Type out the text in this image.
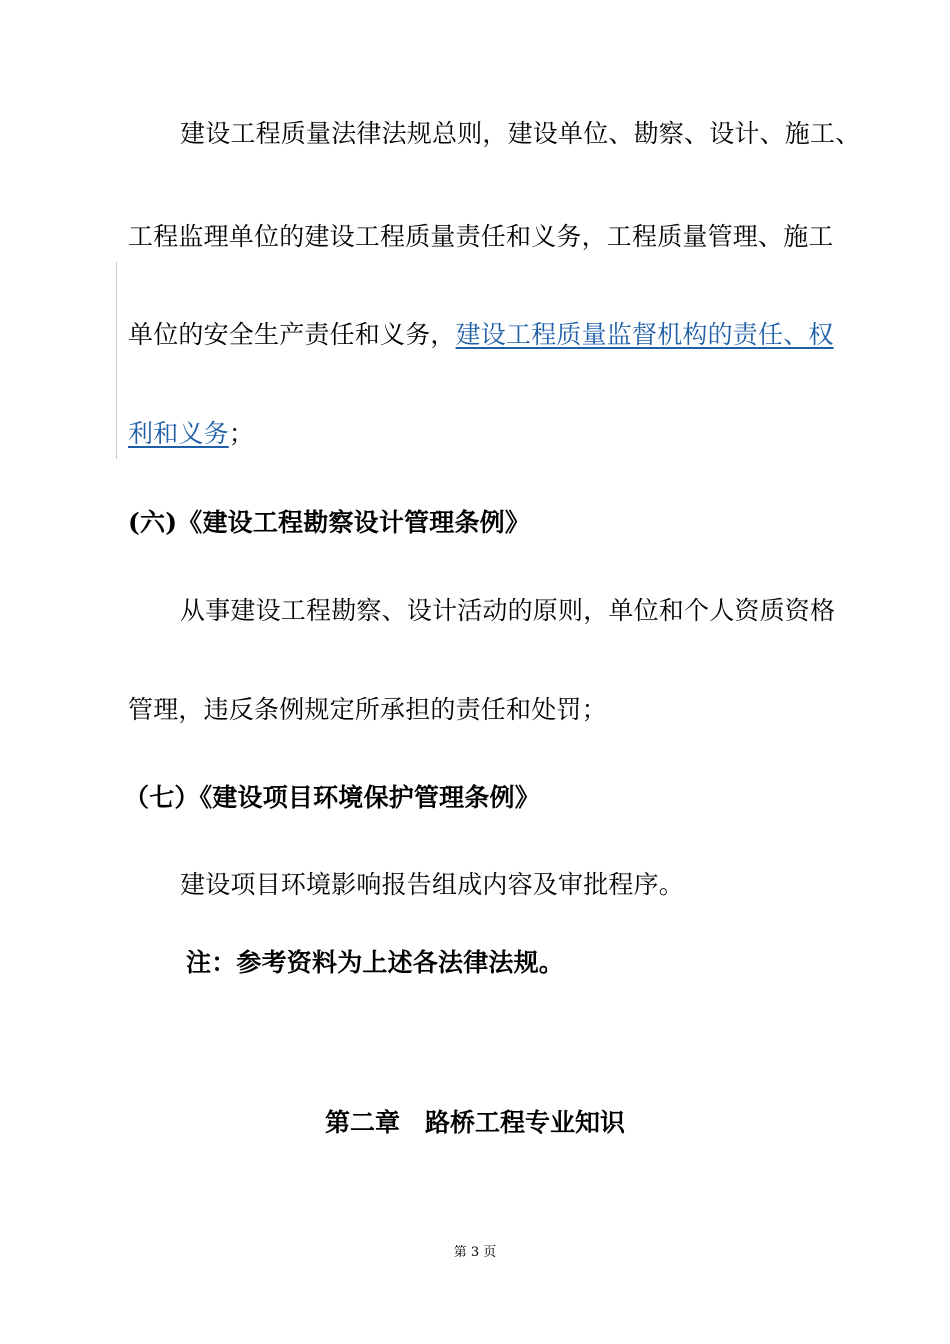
建设工程质量法律法规总则，建设单位、勘察、设计、施工、
工程监理单位的建设工程质量责任和义务，工程质量管理、施工
单位的安全生产责任和义务，建设工程质量监督机构的责任、权
利和义务；
(六)《建设工程勘察设计管理条例》
从事建设工程勘察、设计活动的原则，单位和个人资质资格
管理，违反条例规定所承担的责任和处罚；
（七）《建设项目环境保护管理条例》
建设项目环境影响报告组成内容及审批程序。
注：参考资料为上述各法律法规。
第二章　路桥工程专业知识
第 3 页
